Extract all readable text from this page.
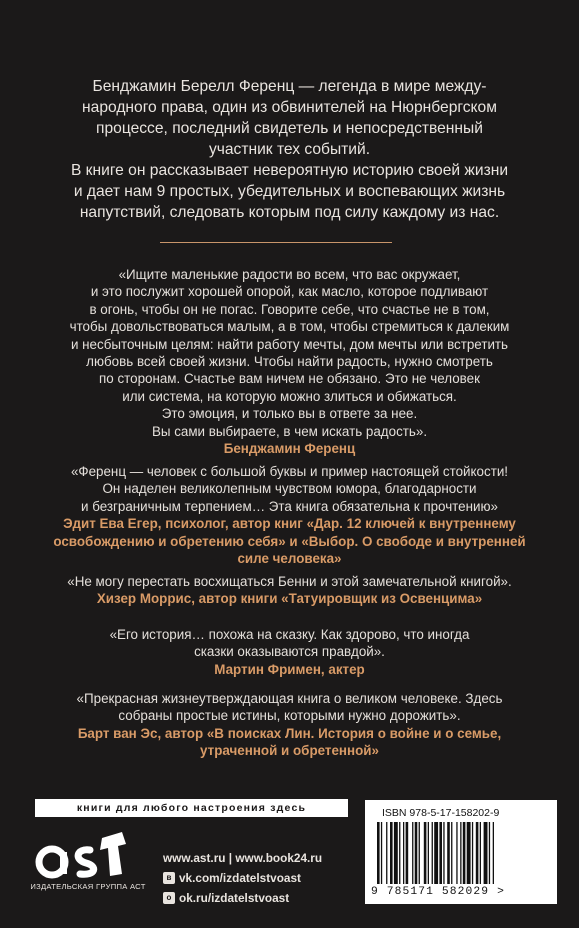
Бенджамин Берелл Ференц — легенда в мире между-

народного права, один из обвинителей на Нюрнбергском

процессе, последний свидетель и непосредственный

участник тех событий.

В книге он рассказывает невероятную историю своей жизни

и дает нам 9 простых, убедительных и воспевающих жизнь

напутствий, следовать которым под силу каждому из нас.

«Ищите маленькие радости во всем, что вас окружает,

и это послужит хорошей опорой, как масло, которое подливают

в огонь, чтобы он не погас. Говорите себе, что счастье не в том,

чтобы довольствоваться малым, а в том, чтобы стремиться к далеким

и несбыточным целям: найти работу мечты, дом мечты или встретить

любовь всей своей жизни. Чтобы найти радость, нужно смотреть

по сторонам. Счастье вам ничем не обязано. Это не человек

или система, на которую можно злиться и обижаться.

Это эмоция, и только вы в ответе за нее.

Вы сами выбираете, в чем искать радость».

Бенджамин Ференц

«Ференц — человек с большой буквы и пример настоящей стойкости!

Он наделен великолепным чувством юмора, благодарности

и безграничным терпением… Эта книга обязательна к прочтению»

Эдит Ева Егер, психолог, автор книг «Дар. 12 ключей к внутреннему

освобождению и обретению себя» и «Выбор. О свободе и внутренней

силе человека»

«Не могу перестать восхищаться Бенни и этой замечательной книгой».

Хизер Моррис, автор книги «Татуировщик из Освенцима»

«Его история… похожа на сказку. Как здорово, что иногда

сказки оказываются правдой».

Мартин Фримен, актер

«Прекрасная жизнеутверждающая книга о великом человеке. Здесь

собраны простые истины, которыми нужно дорожить».

Барт ван Эс, автор «В поисках Лин. История о войне и о семье,

утраченной и обретенной»

книги для любого настроения здесь
ИЗДАТЕЛЬСКАЯ ГРУППА АСТ
www.ast.ru | www.book24.ru
в vk.com/izdatelstvoast
о ok.ru/izdatelstvoast
ISBN 978-5-17-158202-9
9 785171 582029 >
